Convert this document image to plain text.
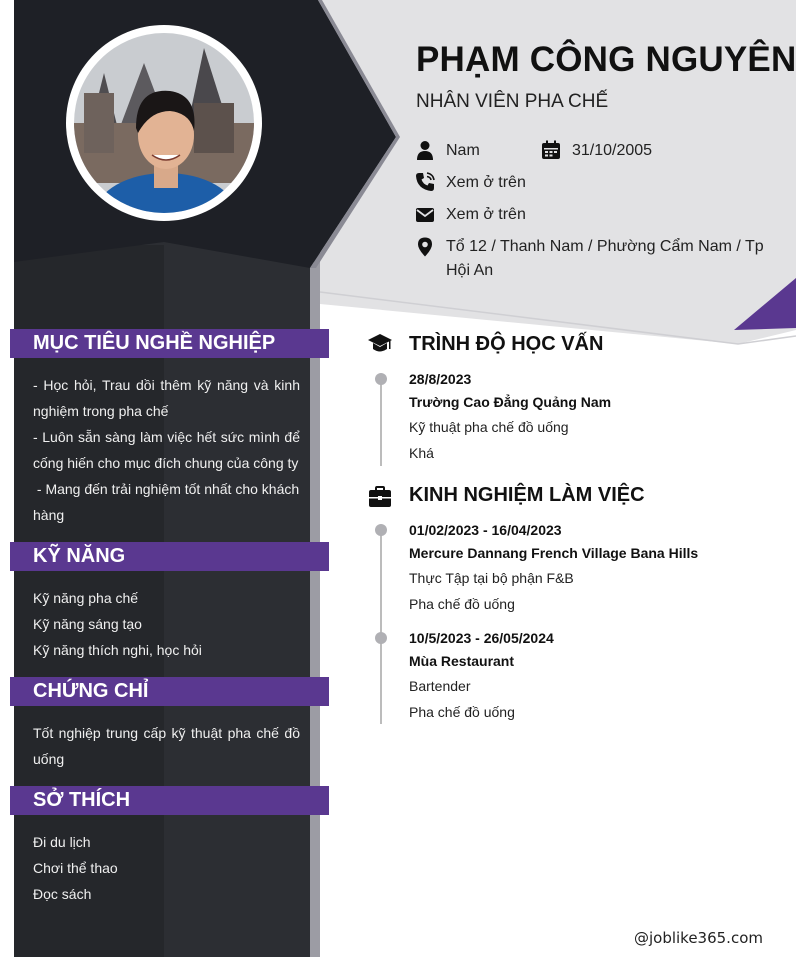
PHẠM CÔNG NGUYÊN
NHÂN VIÊN PHA CHẾ
Nam	31/10/2005
Xem ở trên
Xem ở trên
Tổ 12 / Thanh Nam / Phường Cẩm Nam / Tp
Hội An
MỤC TIÊU NGHỀ NGHIỆP
- Học hỏi, Trau dồi thêm kỹ năng và kinh
nghiệm trong pha chế
- Luôn sẵn sàng làm việc hết sức mình để
cống hiến cho mục đích chung của công ty
- Mang đến trải nghiệm tốt nhất cho khách
hàng
KỸ NĂNG
Kỹ năng pha chế
Kỹ năng sáng tạo
Kỹ năng thích nghi, học hỏi
CHỨNG CHỈ
Tốt nghiệp trung cấp kỹ thuật pha chế đồ
uống
SỞ THÍCH
Đi du lịch
Chơi thể thao
Đọc sách
TRÌNH ĐỘ HỌC VẤN
28/8/2023
Trường Cao Đẳng Quảng Nam
Kỹ thuật pha chế đồ uống
Khá
KINH NGHIỆM LÀM VIỆC
01/02/2023 - 16/04/2023
Mercure Dannang French Village Bana Hills
Thực Tập tại bộ phận F&B
Pha chế đồ uống
10/5/2023 - 26/05/2024
Mùa Restaurant
Bartender
Pha chế đồ uống
@joblike365.com
